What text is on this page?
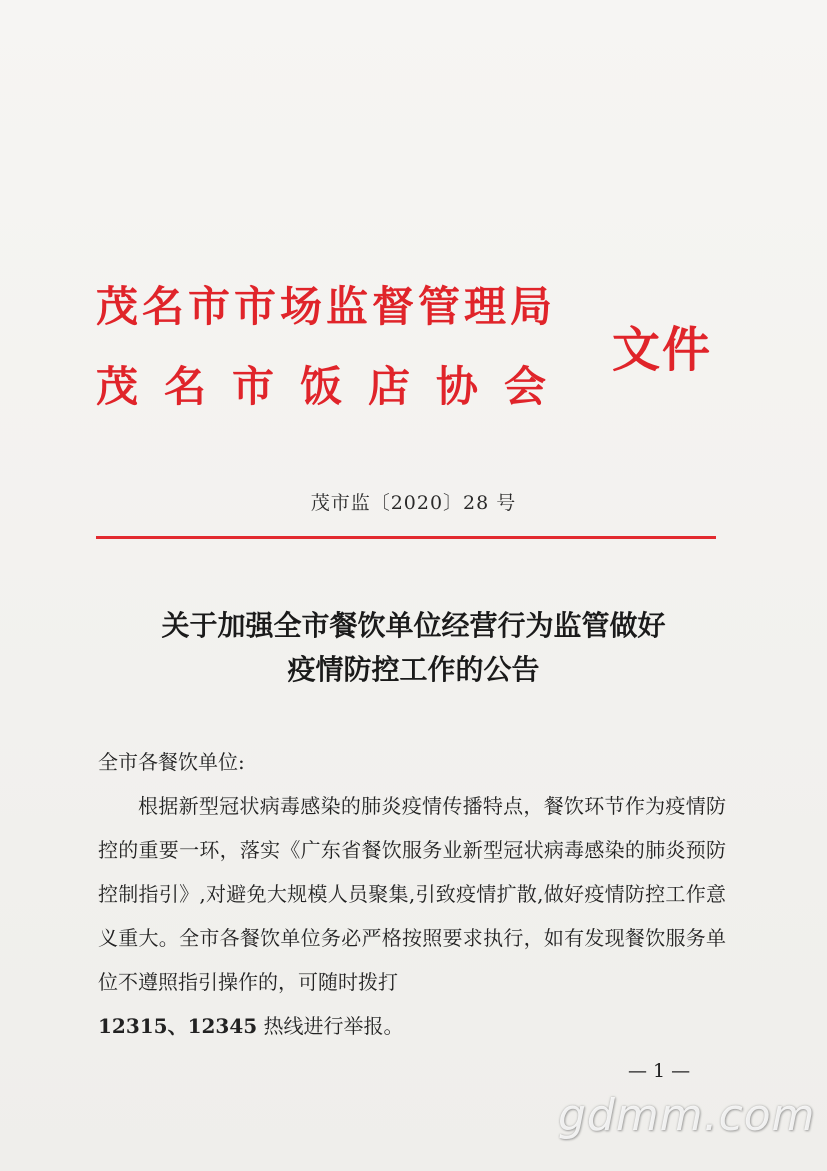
茂名市市场监督管理局

茂名市饭店协会

文件
茂市监〔2020〕28 号
关于加强全市餐饮单位经营行为监管做好
疫情防控工作的公告

全市各餐饮单位:

根据新型冠状病毒感染的肺炎疫情传播特点，餐饮环节作为疫情防控的重要一环，落实《广东省餐饮服务业新型冠状病毒感染的肺炎预防控制指引》,对避免大规模人员聚集,引致疫情扩散,做好疫情防控工作意义重大。全市各餐饮单位务必严格按照要求执行，如有发现餐饮服务单位不遵照指引操作的，可随时拨打
12315、12345 热线进行举报。

— 1 —
gdmm.com
